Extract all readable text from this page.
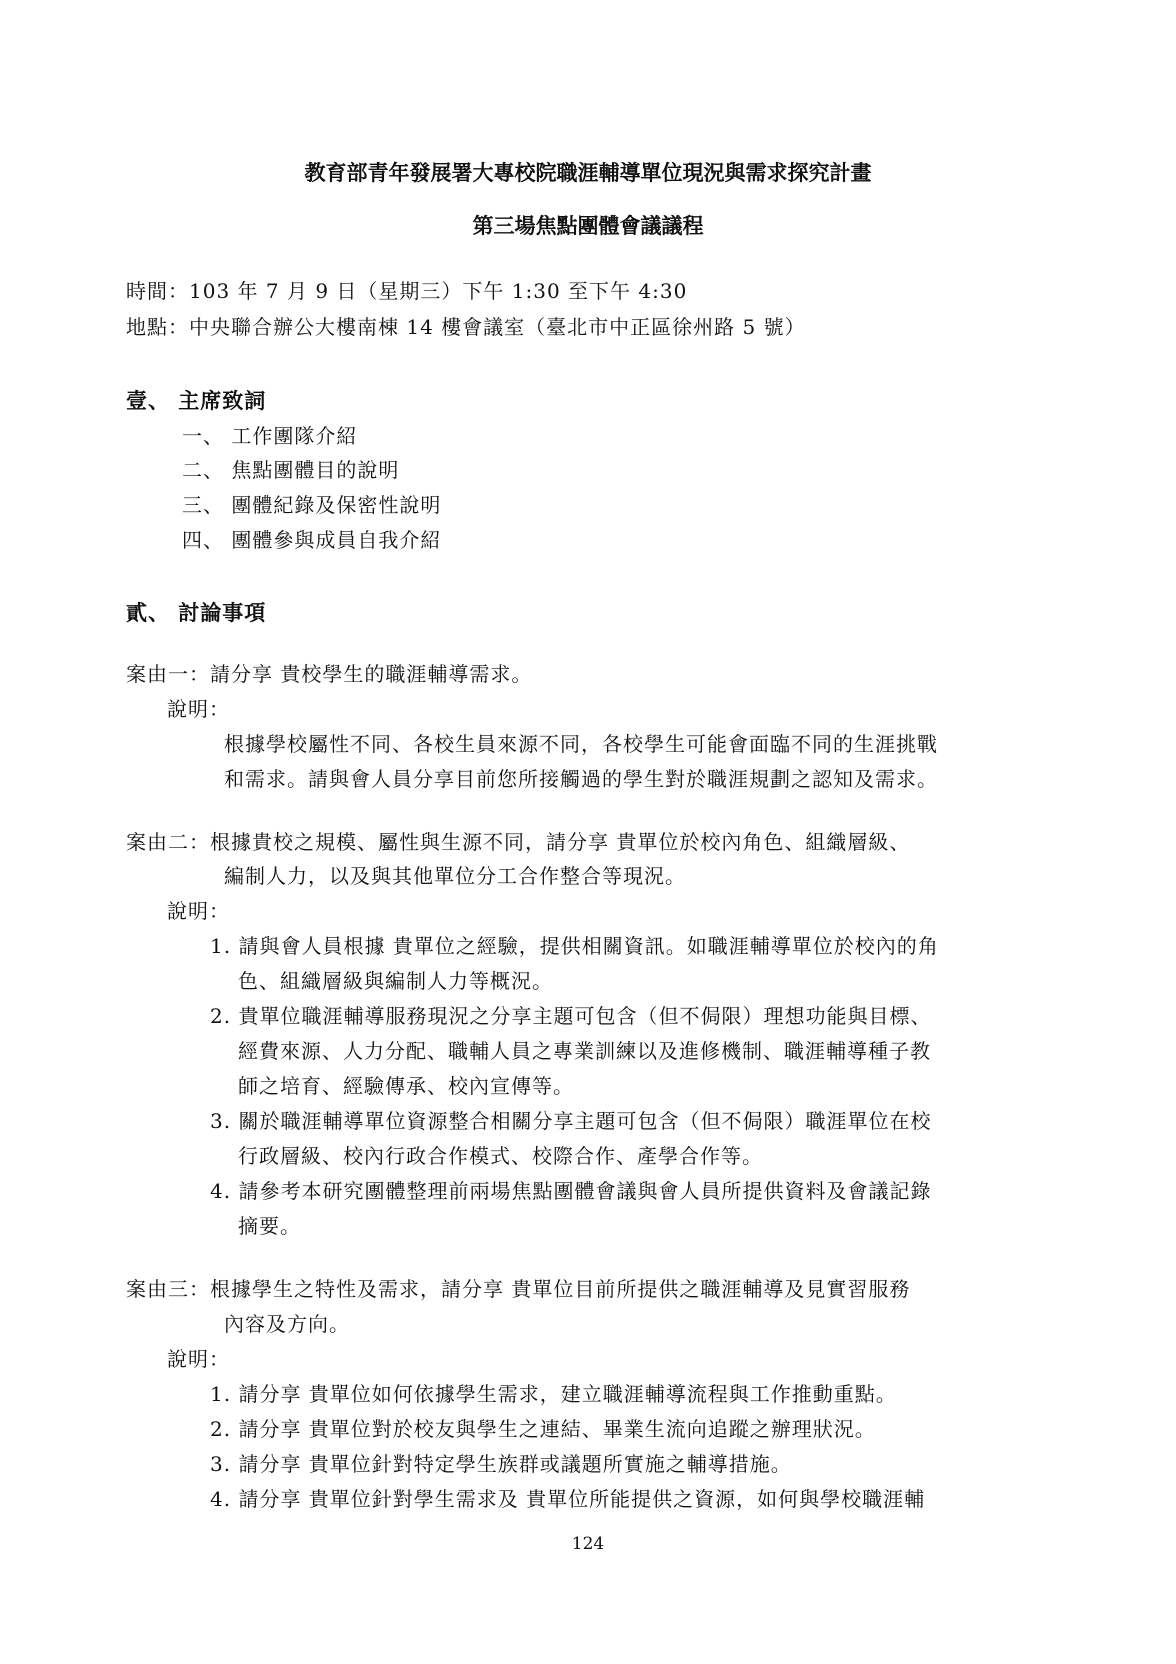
教育部青年發展署大專校院職涯輔導單位現況與需求探究計畫
第三場焦點團體會議議程
時間：103 年 7 月 9 日（星期三）下午 1:30 至下午 4:30
地點：中央聯合辦公大樓南棟 14 樓會議室（臺北市中正區徐州路 5 號）
壹、 主席致詞
一、 工作團隊介紹
二、 焦點團體目的說明
三、 團體紀錄及保密性說明
四、 團體參與成員自我介紹
貳、 討論事項
案由一：請分享 貴校學生的職涯輔導需求。
說明：
根據學校屬性不同、各校生員來源不同，各校學生可能會面臨不同的生涯挑戰
和需求。請與會人員分享目前您所接觸過的學生對於職涯規劃之認知及需求。
案由二：根據貴校之規模、屬性與生源不同，請分享 貴單位於校內角色、組織層級、
編制人力，以及與其他單位分工合作整合等現況。
說明：
1. 請與會人員根據 貴單位之經驗，提供相關資訊。如職涯輔導單位於校內的角
色、組織層級與編制人力等概況。
2. 貴單位職涯輔導服務現況之分享主題可包含（但不侷限）理想功能與目標、
經費來源、人力分配、職輔人員之專業訓練以及進修機制、職涯輔導種子教
師之培育、經驗傳承、校內宣傳等。
3. 關於職涯輔導單位資源整合相關分享主題可包含（但不侷限）職涯單位在校
行政層級、校內行政合作模式、校際合作、產學合作等。
4. 請參考本研究團體整理前兩場焦點團體會議與會人員所提供資料及會議記錄
摘要。
案由三：根據學生之特性及需求，請分享 貴單位目前所提供之職涯輔導及見實習服務
內容及方向。
說明：
1. 請分享 貴單位如何依據學生需求，建立職涯輔導流程與工作推動重點。
2. 請分享 貴單位對於校友與學生之連結、畢業生流向追蹤之辦理狀況。
3. 請分享 貴單位針對特定學生族群或議題所實施之輔導措施。
4. 請分享 貴單位針對學生需求及 貴單位所能提供之資源，如何與學校職涯輔
124
